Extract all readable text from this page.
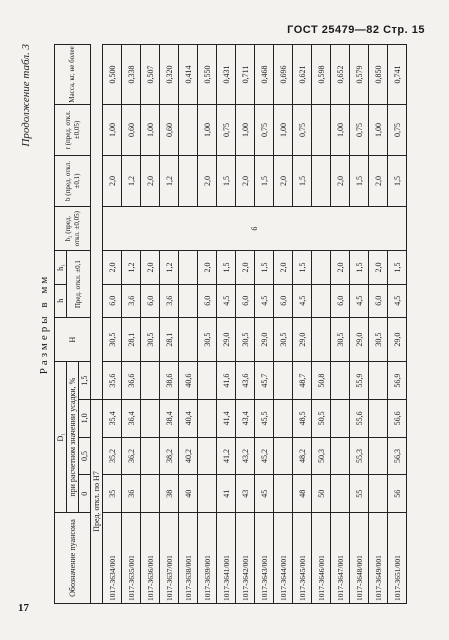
ГОСТ 25479—82 Стр. 15
Продолжение табл. 3
Размеры в мм
Обозначение пуансона	D₁				H	h	h₁	h₂ (пред. откл. ±0,05)	b (пред. откл. ±0,1)	r (пред. откл. ±0,05)	Масса, кг, не более
	при расчетном значении усадки, %					Пред. откл. ±0,1					
	0	0,5	1,0	1,5							
Пред. откл. по Н7											
1017-3634/001	35	35,2	35,4	35,6	30,5	6,0	2,0	6	2,0	1,00	0,500
1017-3635/001	36	36,2	36,4	36,6	28,1	3,6	1,2		1,2	0,60	0,338
1017-3636/001					30,5	6,0	2,0		2,0	1,00	0,507
1017-3637/001	38	38,2	38,4	38,6	28,1	3,6	1,2		1,2	0,60	0,320
1017-3638/001	40	40,2	40,4	40,6							0,414
1017-3639/001					30,5	6,0	2,0		2,0	1,00	0,550
1017-3641/001	41	41,2	41,4	41,6	29,0	4,5	1,5		1,5	0,75	0,431
1017-3642/001	43	43,2	43,4	43,6	30,5	6,0	2,0		2,0	1,00	0,711
1017-3643/001	45	45,2	45,5	45,7	29,0	4,5	1,5		1,5	0,75	0,468
1017-3644/001					30,5	6,0	2,0		2,0	1,00	0,696
1017-3645/001	48	48,2	48,5	48,7	29,0	4,5	1,5		1,5	0,75	0,621
1017-3646/001	50	50,3	50,5	50,8							0,598
1017-3647/001					30,5	6,0	2,0		2,0	1,00	0,652
1017-3648/001	55	55,3	55,6	55,9	29,0	4,5	1,5		1,5	0,75	0,579
1017-3649/001					30,5	6,0	2,0		2,0	1,00	0,850
1017-3651/001	56	56,3	56,6	56,9	29,0	4,5	1,5		1,5	0,75	0,741
17
